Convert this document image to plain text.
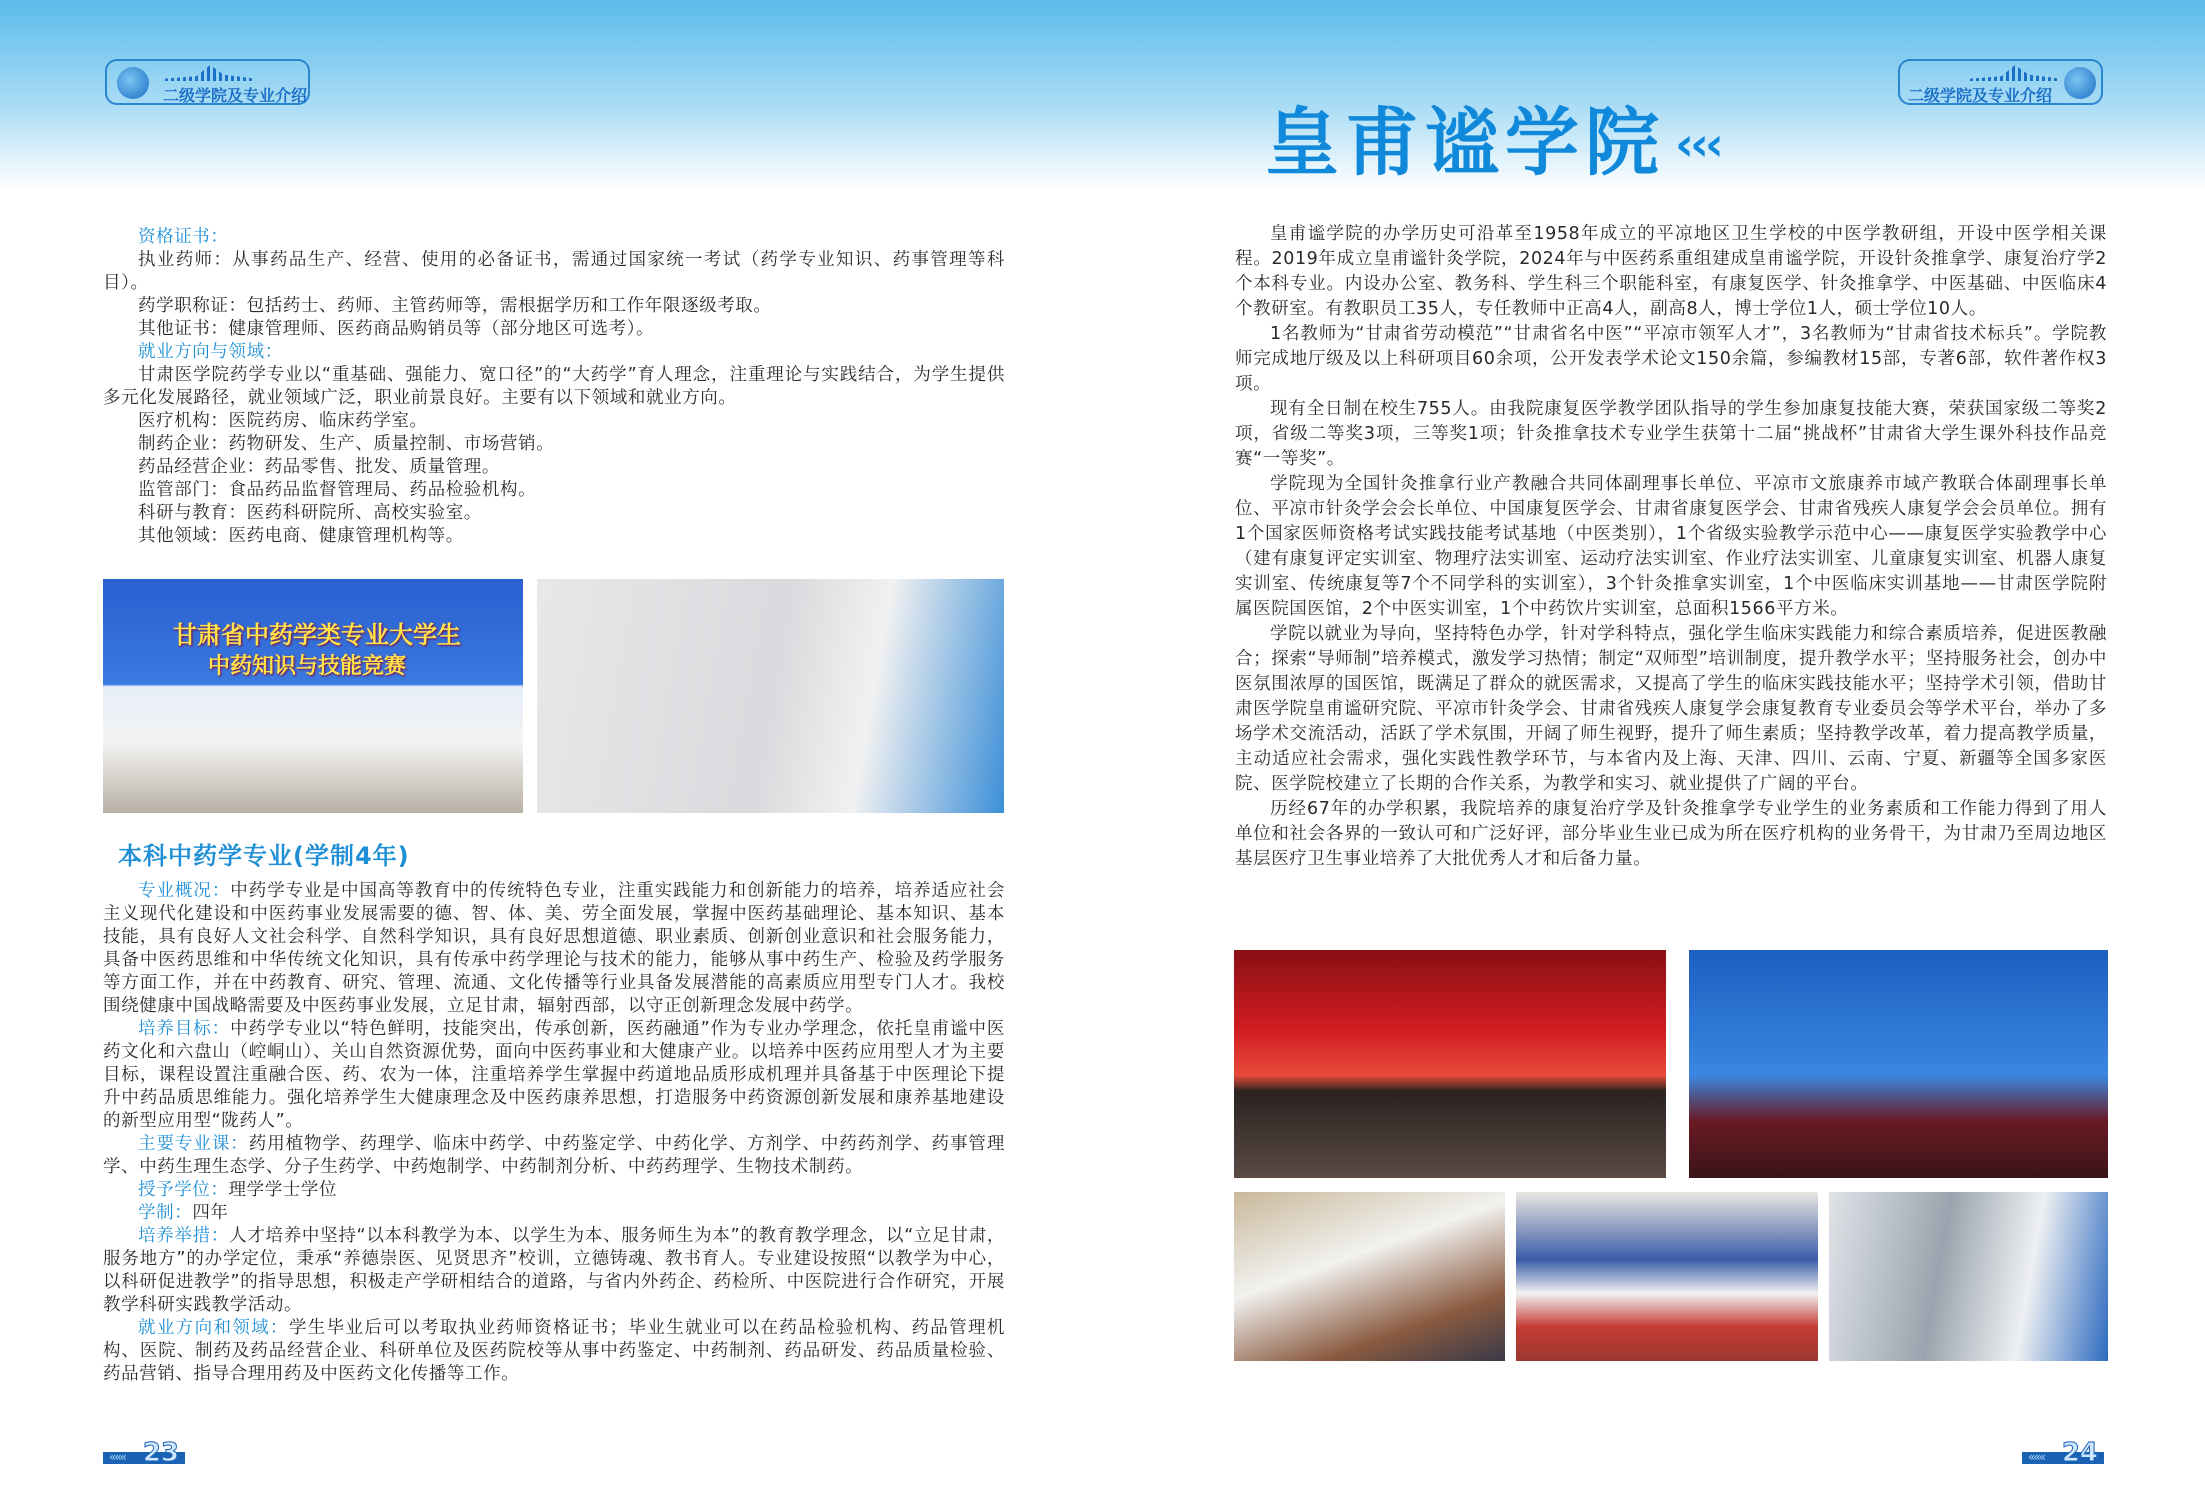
二级学院及专业介绍

资格证书：

执业药师：从事药品生产、经营、使用的必备证书，需通过国家统一考试（药学专业知识、药事管理等科目）。

药学职称证：包括药士、药师、主管药师等，需根据学历和工作年限逐级考取。

其他证书：健康管理师、医药商品购销员等（部分地区可选考）。

就业方向与领域：

甘肃医学院药学专业以“重基础、强能力、宽口径”的“大药学”育人理念，注重理论与实践结合，为学生提供多元化发展路径，就业领域广泛，职业前景良好。主要有以下领域和就业方向。

医疗机构：医院药房、临床药学室。

制药企业：药物研发、生产、质量控制、市场营销。

药品经营企业：药品零售、批发、质量管理。

监管部门：食品药品监督管理局、药品检验机构。

科研与教育：医药科研院所、高校实验室。

其他领域：医药电商、健康管理机构等。

甘肃省中药学类专业大学生
中药知识与技能竞赛
本科中药学专业(学制4年)

专业概况：中药学专业是中国高等教育中的传统特色专业，注重实践能力和创新能力的培养，培养适应社会主义现代化建设和中医药事业发展需要的德、智、体、美、劳全面发展，掌握中医药基础理论、基本知识、基本技能，具有良好人文社会科学、自然科学知识，具有良好思想道德、职业素质、创新创业意识和社会服务能力，具备中医药思维和中华传统文化知识，具有传承中药学理论与技术的能力，能够从事中药生产、检验及药学服务等方面工作，并在中药教育、研究、管理、流通、文化传播等行业具备发展潜能的高素质应用型专门人才。我校围绕健康中国战略需要及中医药事业发展，立足甘肃，辐射西部，以守正创新理念发展中药学。

培养目标：中药学专业以“特色鲜明，技能突出，传承创新，医药融通”作为专业办学理念，依托皇甫谧中医药文化和六盘山（崆峒山）、关山自然资源优势，面向中医药事业和大健康产业。以培养中医药应用型人才为主要目标，课程设置注重融合医、药、农为一体，注重培养学生掌握中药道地品质形成机理并具备基于中医理论下提升中药品质思维能力。强化培养学生大健康理念及中医药康养思想，打造服务中药资源创新发展和康养基地建设的新型应用型“陇药人”。

主要专业课：药用植物学、药理学、临床中药学、中药鉴定学、中药化学、方剂学、中药药剂学、药事管理学、中药生理生态学、分子生药学、中药炮制学、中药制剂分析、中药药理学、生物技术制药。

授予学位：理学学士学位

学制：四年

培养举措：人才培养中坚持“以本科教学为本、以学生为本、服务师生为本”的教育教学理念，以“立足甘肃，服务地方”的办学定位，秉承“养德崇医、见贤思齐”校训，立德铸魂、教书育人。专业建设按照“以教学为中心，以科研促进教学”的指导思想，积极走产学研相结合的道路，与省内外药企、药检所、中医院进行合作研究，开展教学科研实践教学活动。

就业方向和领域：学生毕业后可以考取执业药师资格证书；毕业生就业可以在药品检验机构、药品管理机构、医院、制药及药品经营企业、科研单位及医药院校等从事中药鉴定、中药制剂、药品研发、药品质量检验、药品营销、指导合理用药及中医药文化传播等工作。

««« 23
二级学院及专业介绍
皇甫谧学院 ‹‹‹

皇甫谧学院的办学历史可沿革至1958年成立的平凉地区卫生学校的中医学教研组，开设中医学相关课程。2019年成立皇甫谧针灸学院，2024年与中医药系重组建成皇甫谧学院，开设针灸推拿学、康复治疗学2个本科专业。内设办公室、教务科、学生科三个职能科室，有康复医学、针灸推拿学、中医基础、中医临床4个教研室。有教职员工35人，专任教师中正高4人，副高8人，博士学位1人，硕士学位10人。

1名教师为“甘肃省劳动模范”“甘肃省名中医”“平凉市领军人才”，3名教师为“甘肃省技术标兵”。学院教师完成地厅级及以上科研项目60余项，公开发表学术论文150余篇，参编教材15部，专著6部，软件著作权3项。

现有全日制在校生755人。由我院康复医学教学团队指导的学生参加康复技能大赛，荣获国家级二等奖2项，省级二等奖3项，三等奖1项；针灸推拿技术专业学生获第十二届“挑战杯”甘肃省大学生课外科技作品竞赛“一等奖”。

学院现为全国针灸推拿行业产教融合共同体副理事长单位、平凉市文旅康养市域产教联合体副理事长单位、平凉市针灸学会会长单位、中国康复医学会、甘肃省康复医学会、甘肃省残疾人康复学会会员单位。拥有1个国家医师资格考试实践技能考试基地（中医类别），1个省级实验教学示范中心——康复医学实验教学中心（建有康复评定实训室、物理疗法实训室、运动疗法实训室、作业疗法实训室、儿童康复实训室、机器人康复实训室、传统康复等7个不同学科的实训室），3个针灸推拿实训室，1个中医临床实训基地——甘肃医学院附属医院国医馆，2个中医实训室，1个中药饮片实训室，总面积1566平方米。

学院以就业为导向，坚持特色办学，针对学科特点，强化学生临床实践能力和综合素质培养，促进医教融合；探索“导师制”培养模式，激发学习热情；制定“双师型”培训制度，提升教学水平；坚持服务社会，创办中医氛围浓厚的国医馆，既满足了群众的就医需求，又提高了学生的临床实践技能水平；坚持学术引领，借助甘肃医学院皇甫谧研究院、平凉市针灸学会、甘肃省残疾人康复学会康复教育专业委员会等学术平台，举办了多场学术交流活动，活跃了学术氛围，开阔了师生视野，提升了师生素质；坚持教学改革，着力提高教学质量，主动适应社会需求，强化实践性教学环节，与本省内及上海、天津、四川、云南、宁夏、新疆等全国多家医院、医学院校建立了长期的合作关系，为教学和实习、就业提供了广阔的平台。

历经67年的办学积累，我院培养的康复治疗学及针灸推拿学专业学生的业务素质和工作能力得到了用人单位和社会各界的一致认可和广泛好评，部分毕业生业已成为所在医疗机构的业务骨干，为甘肃乃至周边地区基层医疗卫生事业培养了大批优秀人才和后备力量。

««« 24
